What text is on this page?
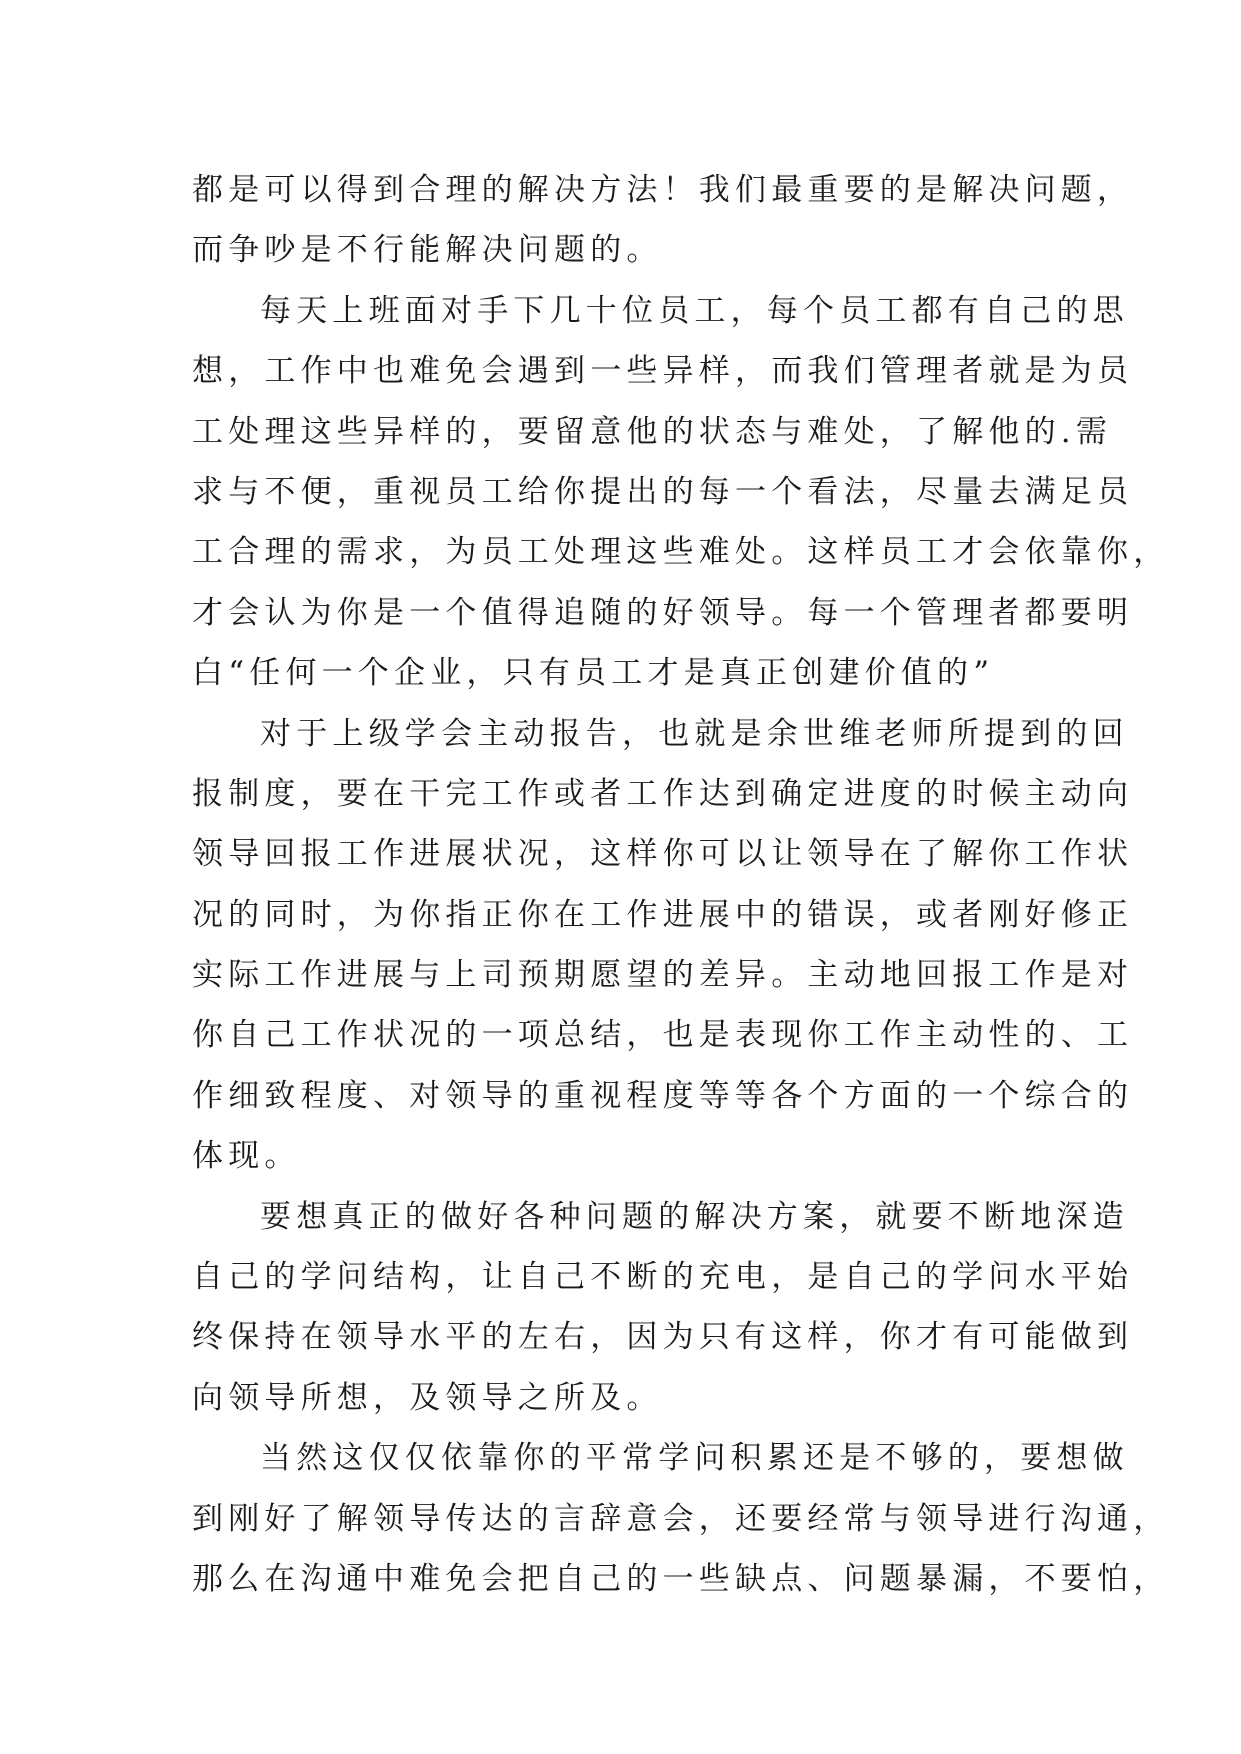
都是可以得到合理的解决方法！我们最重要的是解决问题，
而争吵是不行能解决问题的。
每天上班面对手下几十位员工，每个员工都有自己的思
想，工作中也难免会遇到一些异样，而我们管理者就是为员
工处理这些异样的，要留意他的状态与难处，了解他的.需
求与不便，重视员工给你提出的每一个看法，尽量去满足员
工合理的需求，为员工处理这些难处。这样员工才会依靠你，
才会认为你是一个值得追随的好领导。每一个管理者都要明
白“任何一个企业，只有员工才是真正创建价值的”
对于上级学会主动报告，也就是余世维老师所提到的回
报制度，要在干完工作或者工作达到确定进度的时候主动向
领导回报工作进展状况，这样你可以让领导在了解你工作状
况的同时，为你指正你在工作进展中的错误，或者刚好修正
实际工作进展与上司预期愿望的差异。主动地回报工作是对
你自己工作状况的一项总结，也是表现你工作主动性的、工
作细致程度、对领导的重视程度等等各个方面的一个综合的
体现。
要想真正的做好各种问题的解决方案，就要不断地深造
自己的学问结构，让自己不断的充电，是自己的学问水平始
终保持在领导水平的左右，因为只有这样，你才有可能做到
向领导所想，及领导之所及。
当然这仅仅依靠你的平常学问积累还是不够的，要想做
到刚好了解领导传达的言辞意会，还要经常与领导进行沟通，
那么在沟通中难免会把自己的一些缺点、问题暴漏，不要怕，
